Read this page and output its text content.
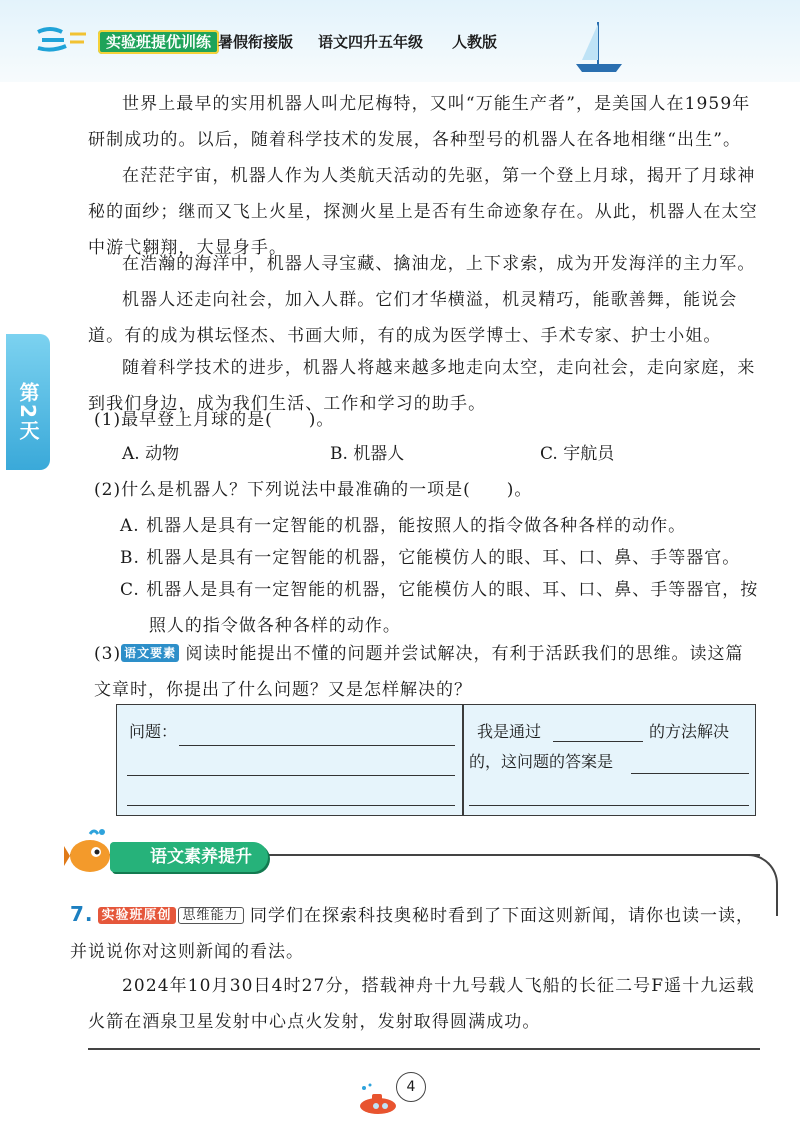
实验班提优训练 暑假衔接版 语文四升五年级 人教版
第2天

世界上最早的实用机器人叫尤尼梅特，又叫“万能生产者”，是美国人在1959年研制成功的。以后，随着科学技术的发展，各种型号的机器人在各地相继“出生”。

在茫茫宇宙，机器人作为人类航天活动的先驱，第一个登上月球，揭开了月球神秘的面纱；继而又飞上火星，探测火星上是否有生命迹象存在。从此，机器人在太空中游弋翱翔，大显身手。

在浩瀚的海洋中，机器人寻宝藏、擒油龙，上下求索，成为开发海洋的主力军。

机器人还走向社会，加入人群。它们才华横溢，机灵精巧，能歌善舞，能说会道。有的成为棋坛怪杰、书画大师，有的成为医学博士、手术专家、护士小姐。

随着科学技术的进步，机器人将越来越多地走向太空，走向社会，走向家庭，来到我们身边，成为我们生活、工作和学习的助手。

(1)最早登上月球的是(　　)。
A. 动物	B. 机器人	C. 宇航员
(2)什么是机器人？下列说法中最准确的一项是(　　)。
A. 机器人是具有一定智能的机器，能按照人的指令做各种各样的动作。
B. 机器人是具有一定智能的机器，它能模仿人的眼、耳、口、鼻、手等器官。
C. 机器人是具有一定智能的机器，它能模仿人的眼、耳、口、鼻、手等器官，按照人的指令做各种各样的动作。
(3) 语文要素 阅读时能提出不懂的问题并尝试解决，有利于活跃我们的思维。读这篇文章时，你提出了什么问题？又是怎样解决的？
问题：	我是通过	的方法解决
的，这问题的答案是
语文素养提升
7. 实验班原创 思维能力 同学们在探索科技奥秘时看到了下面这则新闻，请你也读一读，并说说你对这则新闻的看法。

2024年10月30日4时27分，搭载神舟十九号载人飞船的长征二号F遥十九运载火箭在酒泉卫星发射中心点火发射，发射取得圆满成功。

4
